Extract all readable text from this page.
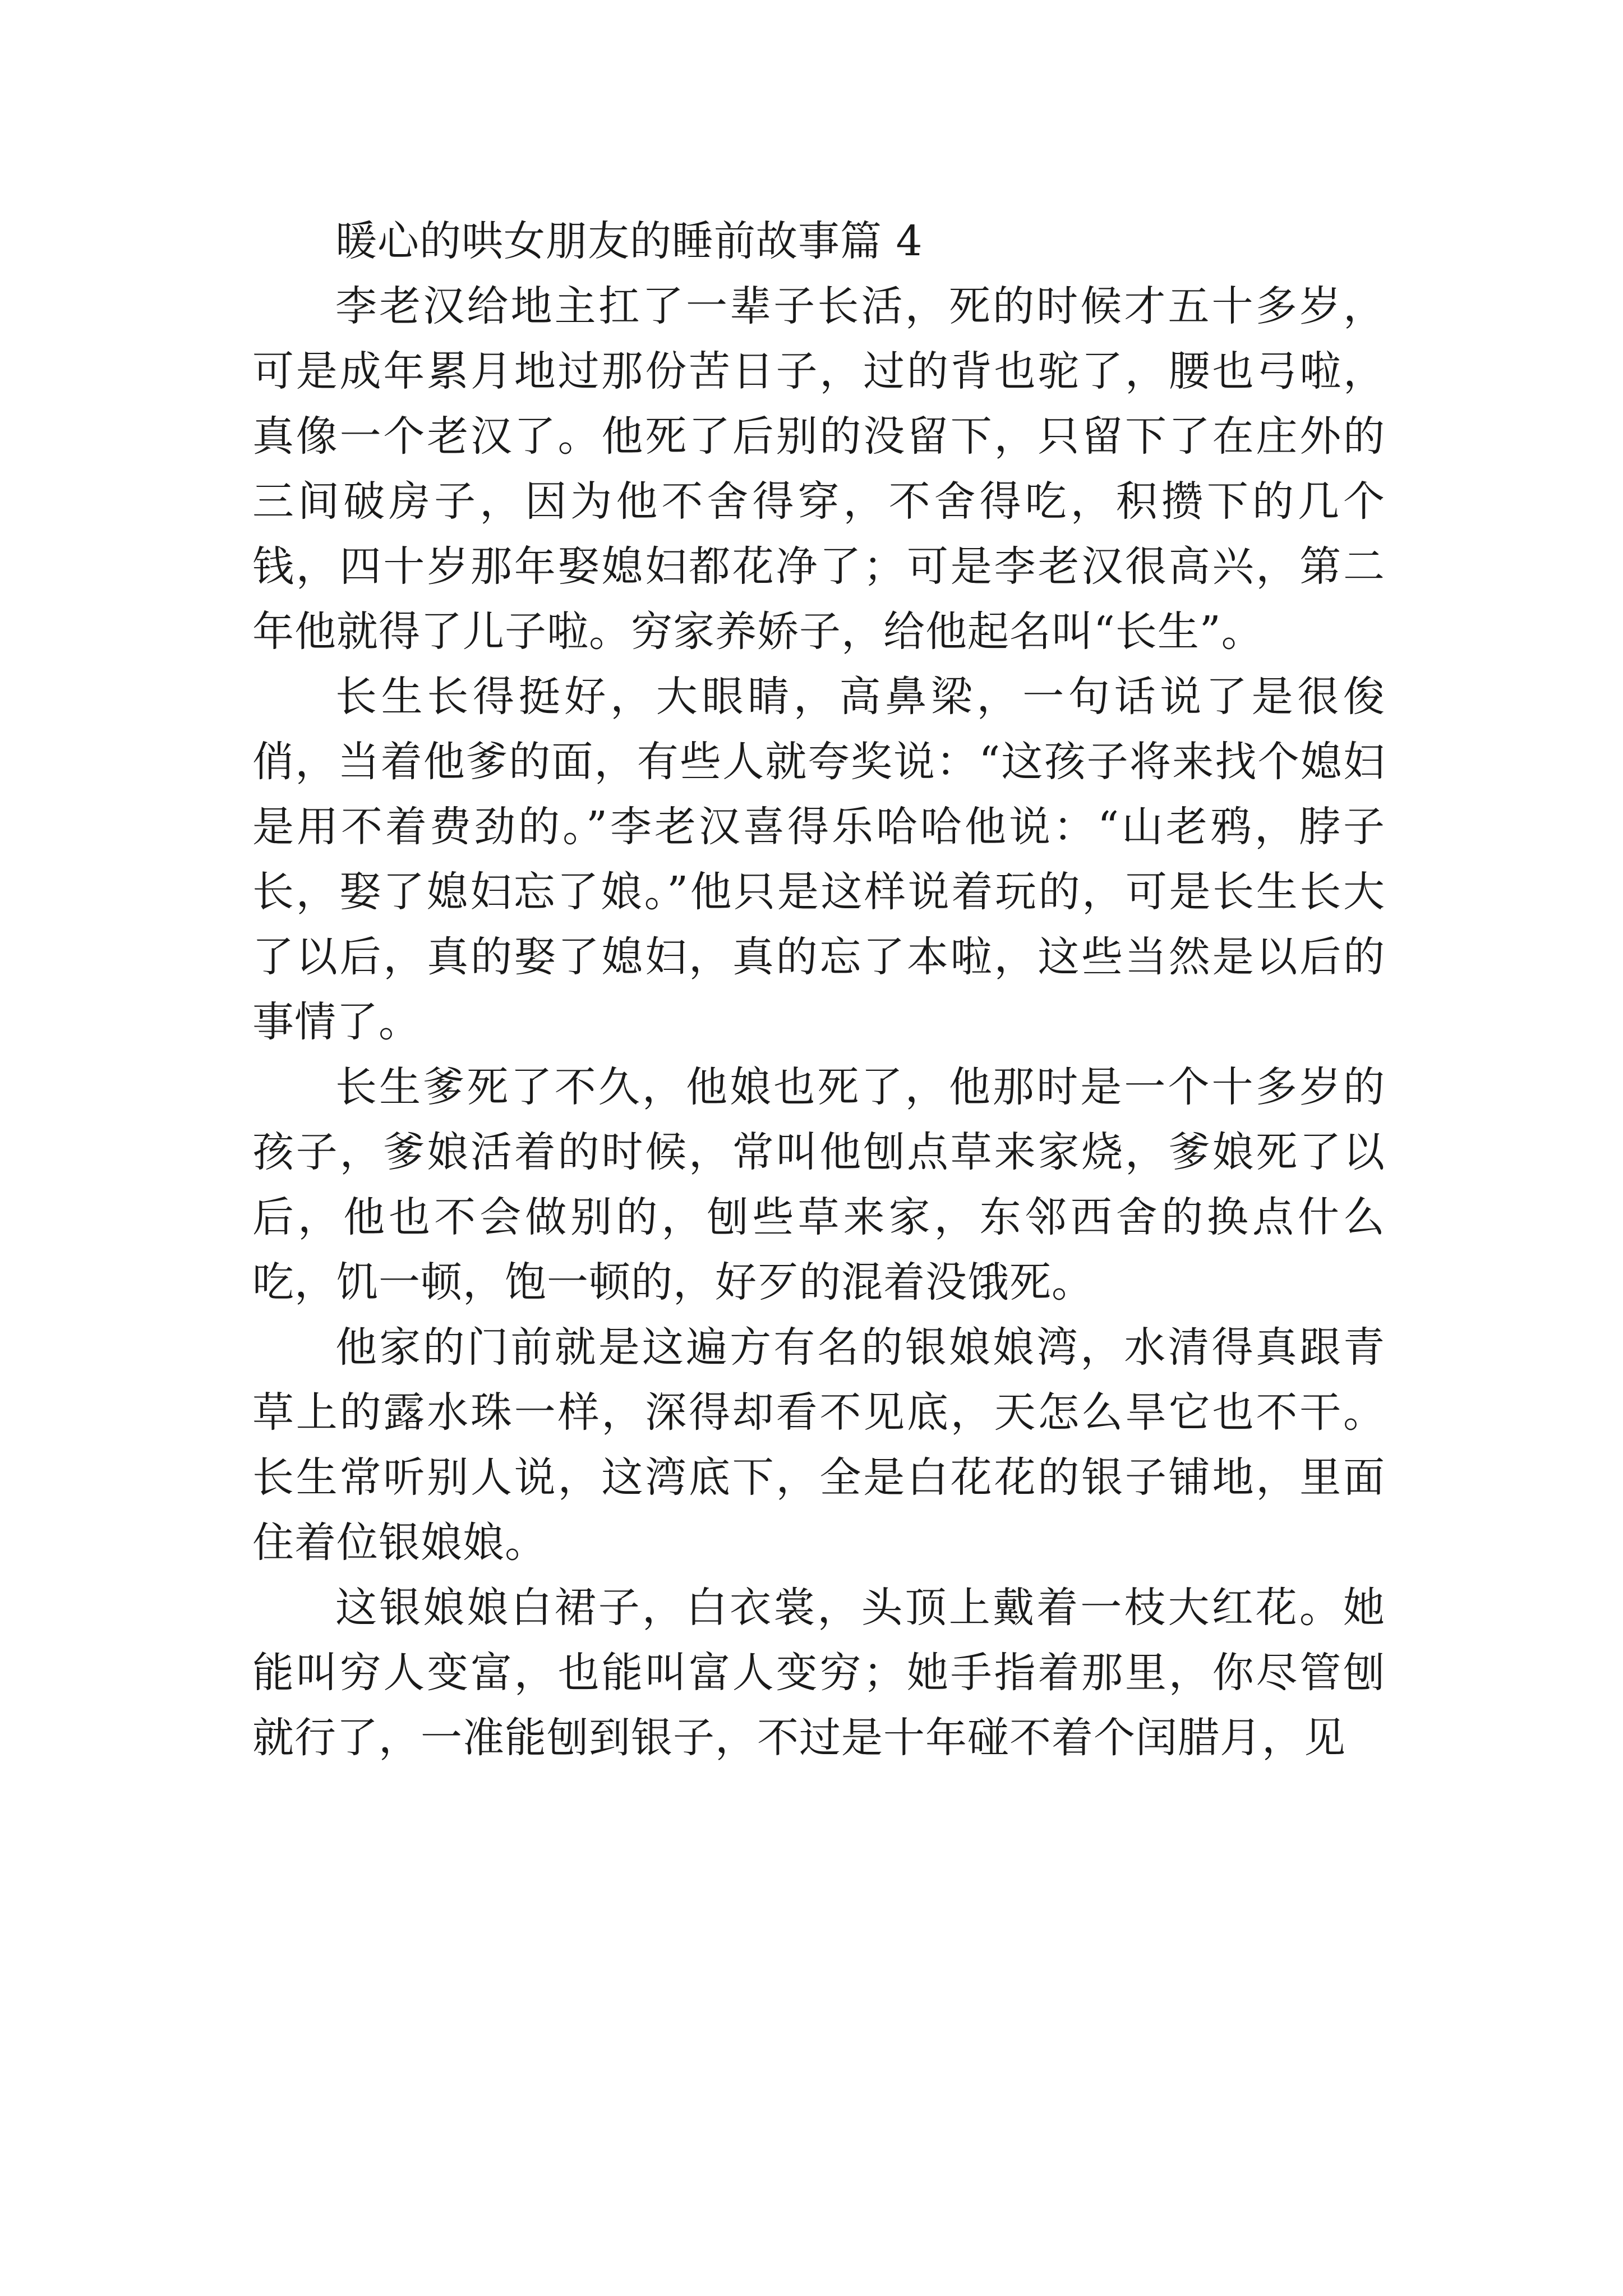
暖心的哄女朋友的睡前故事篇 4

李老汉给地主扛了一辈子长活，死的时候才五十多岁，可是成年累月地过那份苦日子，过的背也驼了，腰也弓啦，真像一个老汉了。他死了后别的没留下，只留下了在庄外的三间破房子，因为他不舍得穿，不舍得吃，积攒下的几个钱，四十岁那年娶媳妇都花净了；可是李老汉很高兴，第二年他就得了儿子啦。穷家养娇子，给他起名叫“长生”。

长生长得挺好，大眼睛，高鼻梁，一句话说了是很俊俏，当着他爹的面，有些人就夸奖说：“这孩子将来找个媳妇是用不着费劲的。”李老汉喜得乐哈哈他说：“山老鸦，脖子长，娶了媳妇忘了娘。”他只是这样说着玩的，可是长生长大了以后，真的娶了媳妇，真的忘了本啦，这些当然是以后的事情了。

长生爹死了不久，他娘也死了，他那时是一个十多岁的孩子，爹娘活着的时候，常叫他刨点草来家烧，爹娘死了以后，他也不会做别的，刨些草来家，东邻西舍的换点什么吃，饥一顿，饱一顿的，好歹的混着没饿死。

他家的门前就是这遍方有名的银娘娘湾，水清得真跟青草上的露水珠一样，深得却看不见底，天怎么旱它也不干。长生常听别人说，这湾底下，全是白花花的银子铺地，里面住着位银娘娘。

这银娘娘白裙子，白衣裳，头顶上戴着一枝大红花。她能叫穷人变富，也能叫富人变穷；她手指着那里，你尽管刨就行了，一准能刨到银子，不过是十年碰不着个闰腊月，见
